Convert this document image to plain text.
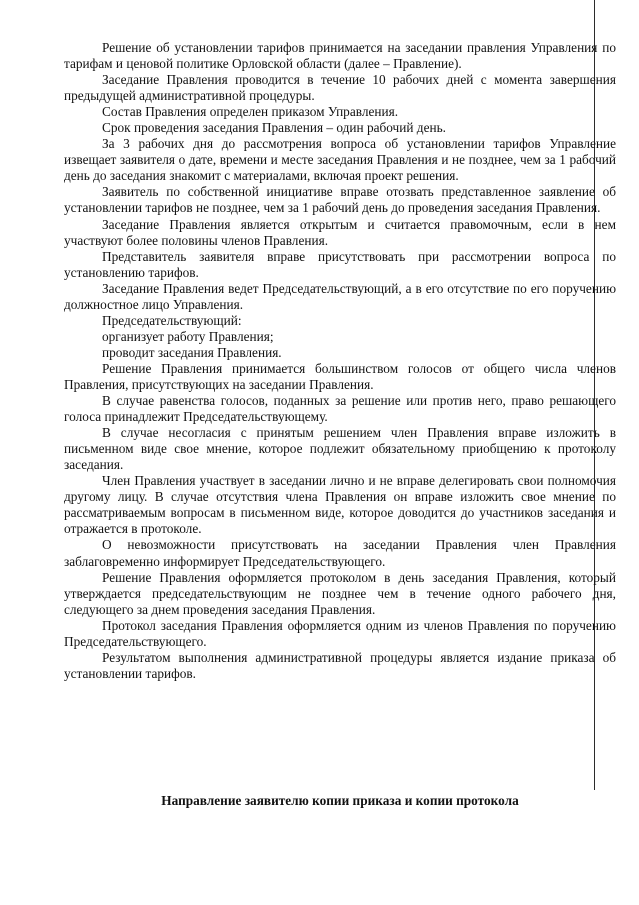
Решение об установлении тарифов принимается на заседании правления Управления по тарифам и ценовой политике Орловской области (далее – Правление).

Заседание Правления проводится в течение 10 рабочих дней с момента завершения предыдущей административной процедуры.

Состав Правления определен приказом Управления.

Срок проведения заседания Правления – один рабочий день.

За 3 рабочих дня до рассмотрения вопроса об установлении тарифов Управление извещает заявителя о дате, времени и месте заседания Правления и не позднее, чем за 1 рабочий день до заседания знакомит с материалами, включая проект решения.

Заявитель по собственной инициативе вправе отозвать представленное заявление об установлении тарифов не позднее, чем за 1 рабочий день до проведения заседания Правления.

Заседание Правления является открытым и считается правомочным, если в нем участвуют более половины членов Правления.

Представитель заявителя вправе присутствовать при рассмотрении вопроса по установлению тарифов.

Заседание Правления ведет Председательствующий, а в его отсутствие по его поручению должностное лицо Управления.

Председательствующий:

организует работу Правления;

проводит заседания Правления.

Решение Правления принимается большинством голосов от общего числа членов Правления, присутствующих на заседании Правления.

В случае равенства голосов, поданных за решение или против него, право решающего голоса принадлежит Председательствующему.

В случае несогласия с принятым решением член Правления вправе изложить в письменном виде свое мнение, которое подлежит обязательному приобщению к протоколу заседания.

Член Правления участвует в заседании лично и не вправе делегировать свои полномочия другому лицу. В случае отсутствия члена Правления он вправе изложить свое мнение по рассматриваемым вопросам в письменном виде, которое доводится до участников заседания и отражается в протоколе.

О невозможности присутствовать на заседании Правления член Правления заблаговременно информирует Председательствующего.

Решение Правления оформляется протоколом в день заседания Правления, который утверждается председательствующим не позднее чем в течение одного рабочего дня, следующего за днем проведения заседания Правления.

Протокол заседания Правления оформляется одним из членов Правления по поручению Председательствующего.

Результатом выполнения административной процедуры является издание приказа об установлении тарифов.

Направление заявителю копии приказа и копии протокола
